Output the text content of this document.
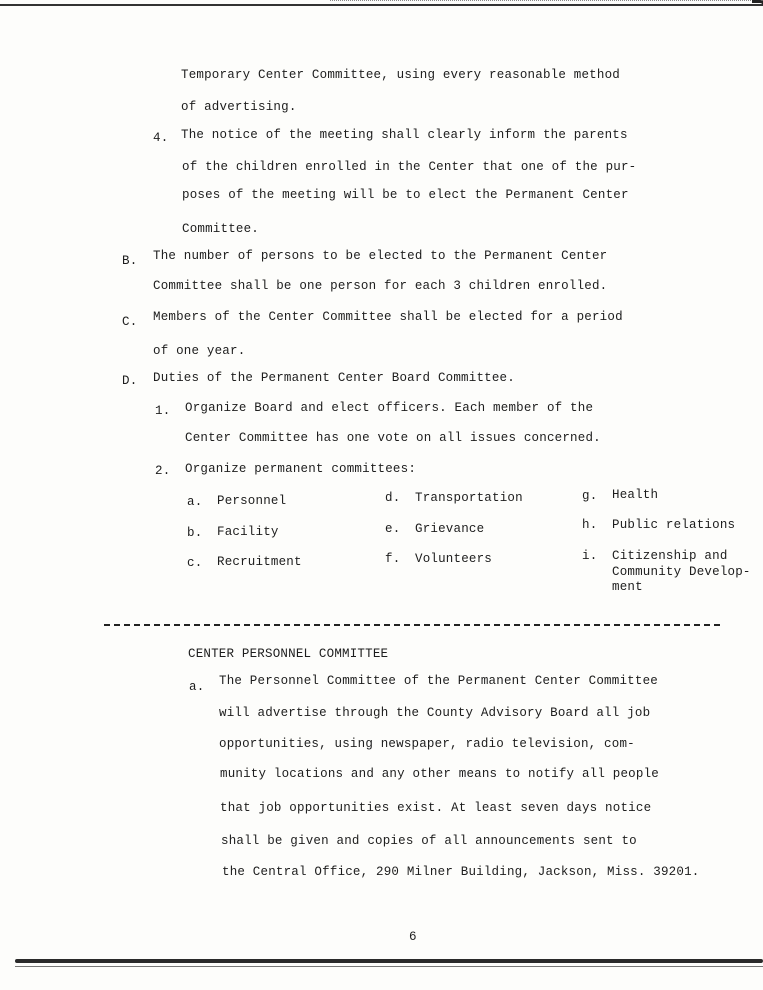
Temporary Center Committee, using every reasonable method
of advertising.
4. The notice of the meeting shall clearly inform the parents
of the children enrolled in the Center that one of the pur-
poses of the meeting will be to elect the Permanent Center
Committee.
B. The number of persons to be elected to the Permanent Center
Committee shall be one person for each 3 children enrolled.
C. Members of the Center Committee shall be elected for a period
of one year.
D. Duties of the Permanent Center Board Committee.
1. Organize Board and elect officers. Each member of the
Center Committee has one vote on all issues concerned.
2. Organize permanent committees:
a. Personnel
b. Facility
c. Recruitment
d. Transportation
e. Grievance
f. Volunteers
g. Health
h. Public relations
i. Citizenship and
Community Develop-
ment
CENTER PERSONNEL COMMITTEE
a. The Personnel Committee of the Permanent Center Committee
will advertise through the County Advisory Board all job
opportunities, using newspaper, radio television, com-
munity locations and any other means to notify all people
that job opportunities exist. At least seven days notice
shall be given and copies of all announcements sent to
the Central Office, 290 Milner Building, Jackson, Miss. 39201.
6
